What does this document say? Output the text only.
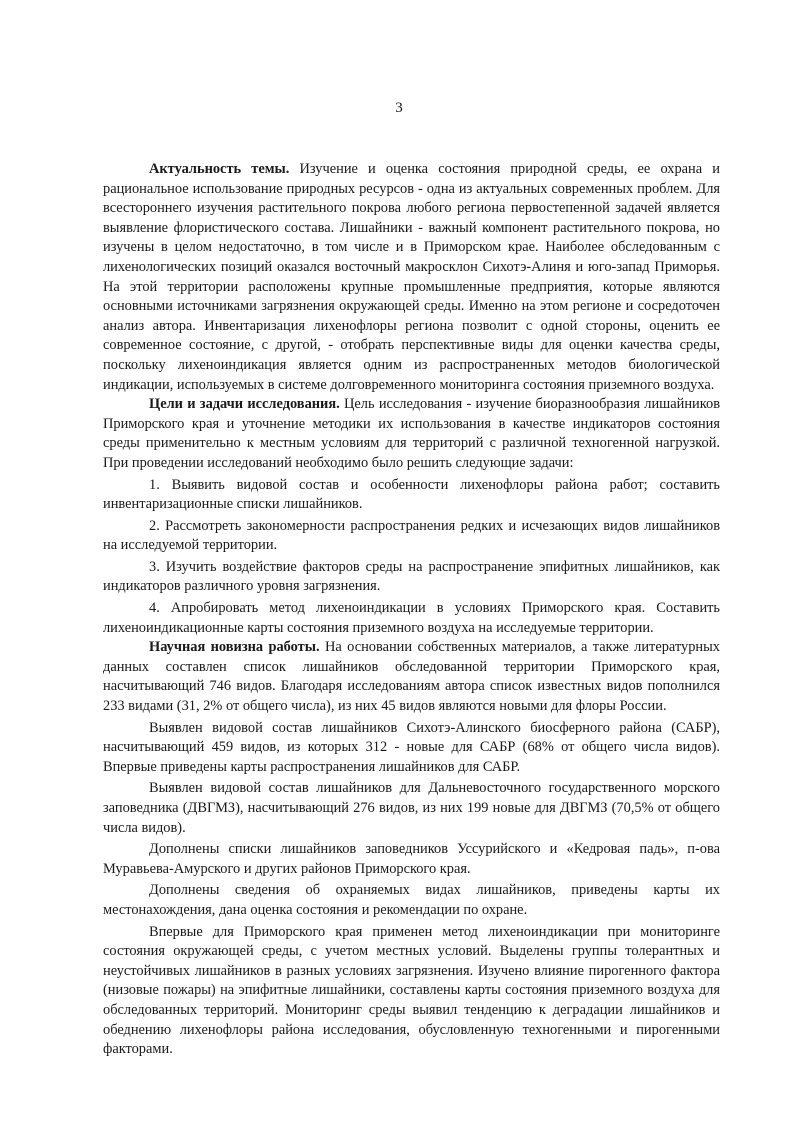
3

Актуальность темы. Изучение и оценка состояния природной среды, ее охрана и рациональное использование природных ресурсов - одна из актуальных современных проблем. Для всестороннего изучения растительного покрова любого региона первостепенной задачей является выявление флористического состава. Лишайники - важный компонент растительного покрова, но изучены в целом недостаточно, в том числе и в Приморском крае. Наиболее обследованным с лихенологических позиций оказался восточный макросклон Сихотэ-Алиня и юго-запад Приморья. На этой территории расположены крупные промышленные предприятия, которые являются основными источниками загрязнения окружающей среды. Именно на этом регионе и сосредоточен анализ автора. Инвентаризация лихенофлоры региона позволит с одной стороны, оценить ее современное состояние, с другой, - отобрать перспективные виды для оценки качества среды, поскольку лихеноиндикация является одним из распространенных методов биологической индикации, используемых в системе долговременного мониторинга состояния приземного воздуха.

Цели и задачи исследования. Цель исследования - изучение биоразнообразия лишайников Приморского края и уточнение методики их использования в качестве индикаторов состояния среды применительно к местным условиям для территорий с различной техногенной нагрузкой. При проведении исследований необходимо было решить следующие задачи:

1. Выявить видовой состав и особенности лихенофлоры района работ; составить инвентаризационные списки лишайников.

2. Рассмотреть закономерности распространения редких и исчезающих видов лишайников на исследуемой территории.

3. Изучить воздействие факторов среды на распространение эпифитных лишайников, как индикаторов различного уровня загрязнения.

4. Апробировать метод лихеноиндикации в условиях Приморского края. Составить лихеноиндикационные карты состояния приземного воздуха на исследуемые территории.

Научная новизна работы. На основании собственных материалов, а также литературных данных составлен список лишайников обследованной территории Приморского края, насчитывающий 746 видов. Благодаря исследованиям автора список известных видов пополнился 233 видами (31, 2% от общего числа), из них 45 видов являются новыми для флоры России.

Выявлен видовой состав лишайников Сихотэ-Алинского биосферного района (САБР), насчитывающий 459 видов, из которых 312 - новые для САБР (68% от общего числа видов). Впервые приведены карты распространения лишайников для САБР.

Выявлен видовой состав лишайников для Дальневосточного государственного морского заповедника (ДВГМЗ), насчитывающий 276 видов, из них 199 новые для ДВГМЗ (70,5% от общего числа видов).

Дополнены списки лишайников заповедников Уссурийского и «Кедровая падь», п-ова Муравьева-Амурского и других районов Приморского края.

Дополнены сведения об охраняемых видах лишайников, приведены карты их местонахождения, дана оценка состояния и рекомендации по охране.

Впервые для Приморского края применен метод лихеноиндикации при мониторинге состояния окружающей среды, с учетом местных условий. Выделены группы толерантных и неустойчивых лишайников в разных условиях загрязнения. Изучено влияние пирогенного фактора (низовые пожары) на эпифитные лишайники, составлены карты состояния приземного воздуха для обследованных территорий. Мониторинг среды выявил тенденцию к деградации лишайников и обеднению лихенофлоры района исследования, обусловленную техногенными и пирогенными факторами.
